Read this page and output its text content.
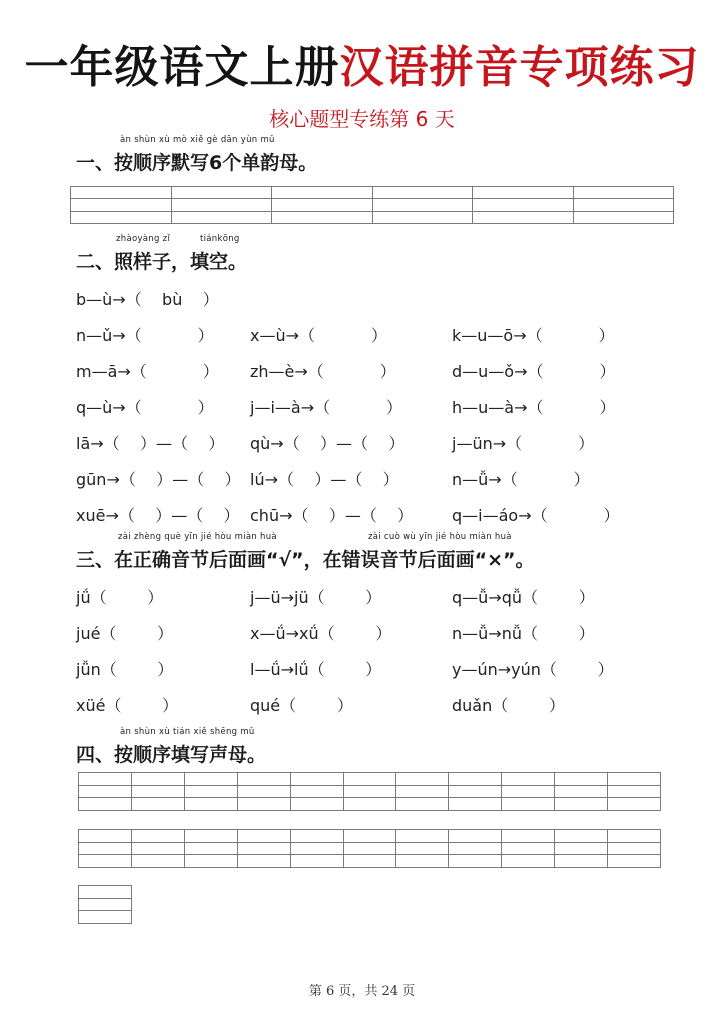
一年级语文上册汉语拼音专项练习
核心题型专练第 6 天
àn shùn xù mò xiě gè dān yùn mǔ
一、按顺序默写6个单韵母。

zhàoyàng zǐ	tiánkōng
二、照样子，填空。
b—ù→（    bù    ）
n—ǔ→（           ） x—ù→（           ）	k—u—ō→（           ）
m—ā→（           ） zh—è→（           ）	d—u—ǒ→（           ）
q—ù→（           ） j—i—à→（           ）	h—u—à→（           ）
lā→（    ）—（    ） qù→（    ）—（    ）	j—ün→（           ）
gūn→（    ）—（    ） lú→（    ）—（    ）	n—ǚ→（           ）
xuē→（    ）—（    ） chū→（    ）—（    ） q—i—áo→（           ）
zài zhèng què yīn jié hòu miàn huà	zài cuò wù yīn jié hòu miàn huà
三、在正确音节后面画“√”，在错误音节后面画“×”。
jǘ（        ）	j—ü→jü（        ）	q—ǚ→qǚ（        ）
jué（        ）	x—ǘ→xǘ（        ）	n—ǚ→nǚ（        ）
jǚn（        ）	l—ǘ→lǘ（        ）	y—ún→yún（        ）
xüé（        ）	qué（        ）	duǎn（        ）
àn shùn xù tián xiě shēng mǔ
四、按顺序填写声母。

第 6 页，共 24 页
